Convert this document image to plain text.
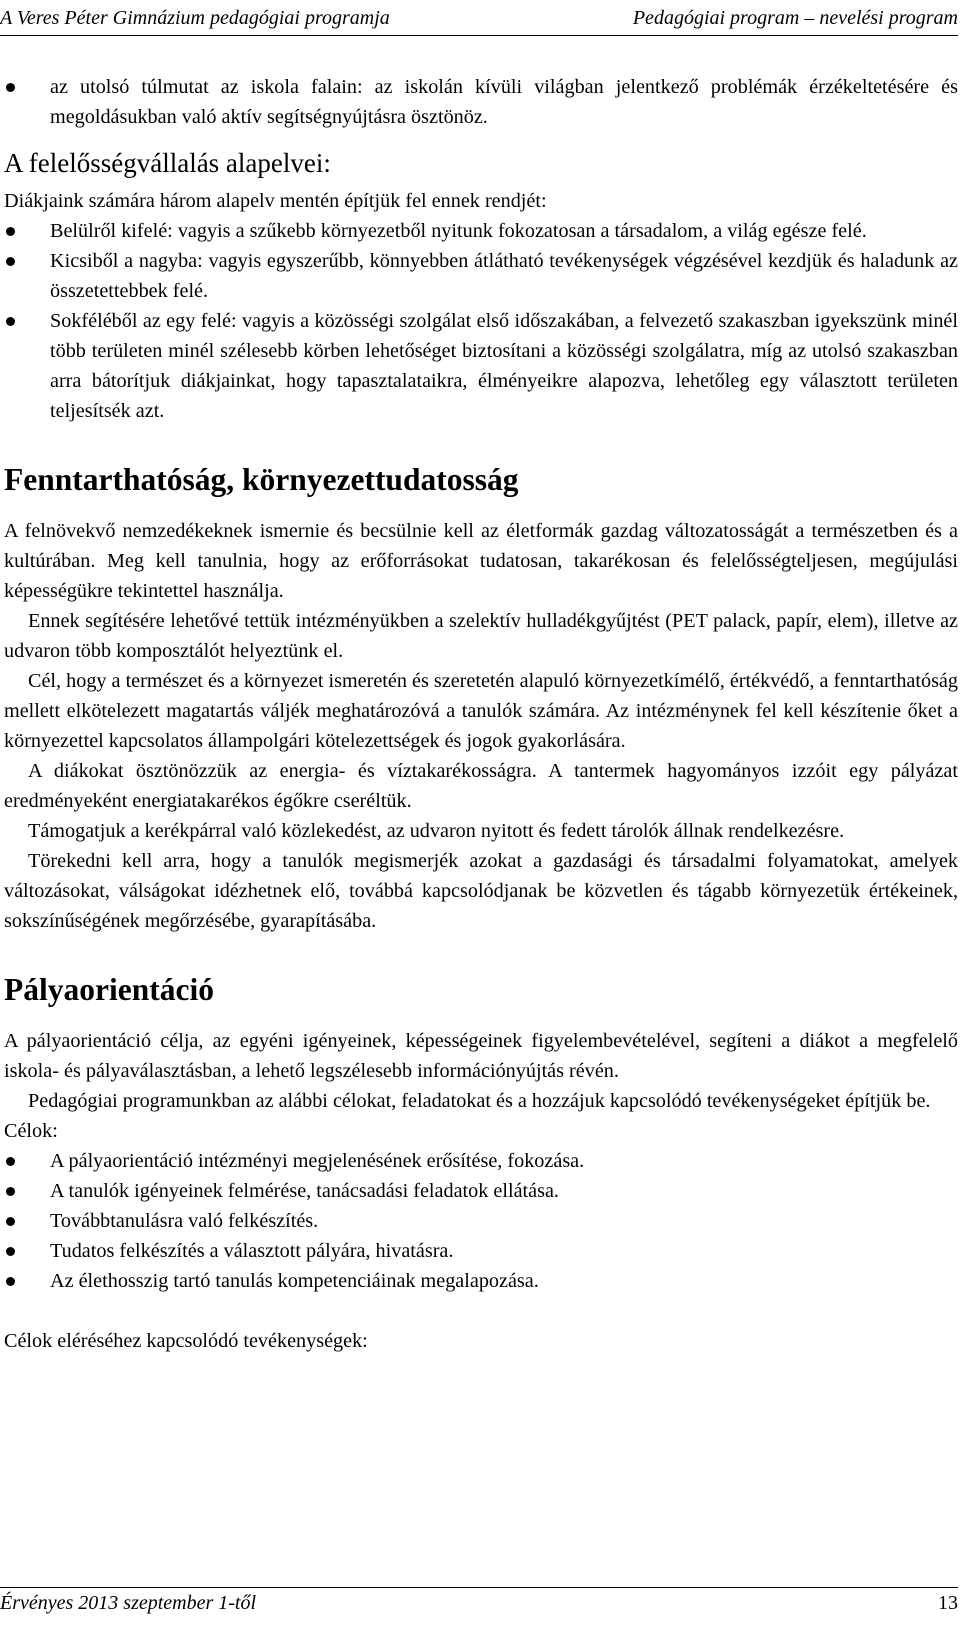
A Veres Péter Gimnázium pedagógiai programja	Pedagógiai program – nevelési program
az utolsó túlmutat az iskola falain: az iskolán kívüli világban jelentkező problémák érzékeltetésére és megoldásukban való aktív segítségnyújtásra ösztönöz.
A felelősségvállalás alapelvei:

Diákjaink számára három alapelv mentén építjük fel ennek rendjét:

Belülről kifelé: vagyis a szűkebb környezetből nyitunk fokozatosan a társadalom, a világ egésze felé.
Kicsiből a nagyba: vagyis egyszerűbb, könnyebben átlátható tevékenységek végzésével kezdjük és haladunk az összetettebbek felé.
Sokféléből az egy felé: vagyis a közösségi szolgálat első időszakában, a felvezető szakaszban igyekszünk minél több területen minél szélesebb körben lehetőséget biztosítani a közösségi szolgálatra, míg az utolsó szakaszban arra bátorítjuk diákjainkat, hogy tapasztalataikra, élményeikre alapozva, lehetőleg egy választott területen teljesítsék azt.
Fenntarthatóság, környezettudatosság

A felnövekvő nemzedékeknek ismernie és becsülnie kell az életformák gazdag változatosságát a természetben és a kultúrában. Meg kell tanulnia, hogy az erőforrásokat tudatosan, takarékosan és felelősségteljesen, megújulási képességükre tekintettel használja.

Ennek segítésére lehetővé tettük intézményükben a szelektív hulladékgyűjtést (PET palack, papír, elem), illetve az udvaron több komposztálót helyeztünk el.

Cél, hogy a természet és a környezet ismeretén és szeretetén alapuló környezetkímélő, értékvédő, a fenntarthatóság mellett elkötelezett magatartás váljék meghatározóvá a tanulók számára. Az intézménynek fel kell készítenie őket a környezettel kapcsolatos állampolgári kötelezettségek és jogok gyakorlására.

A diákokat ösztönözzük az energia- és víztakarékosságra. A tantermek hagyományos izzóit egy pályázat eredményeként energiatakarékos égőkre cseréltük.

Támogatjuk a kerékpárral való közlekedést, az udvaron nyitott és fedett tárolók állnak rendelkezésre.

Törekedni kell arra, hogy a tanulók megismerjék azokat a gazdasági és társadalmi folyamatokat, amelyek változásokat, válságokat idézhetnek elő, továbbá kapcsolódjanak be közvetlen és tágabb környezetük értékeinek, sokszínűségének megőrzésébe, gyarapításába.

Pályaorientáció

A pályaorientáció célja, az egyéni igényeinek, képességeinek figyelembevételével, segíteni a diákot a megfelelő iskola- és pályaválasztásban, a lehető legszélesebb információnyújtás révén.

Pedagógiai programunkban az alábbi célokat, feladatokat és a hozzájuk kapcsolódó tevékenységeket építjük be.

Célok:

A pályaorientáció intézményi megjelenésének erősítése, fokozása.
A tanulók igényeinek felmérése, tanácsadási feladatok ellátása.
Továbbtanulásra való felkészítés.
Tudatos felkészítés a választott pályára, hivatásra.
Az élethosszig tartó tanulás kompetenciáinak megalapozása.

Célok eléréséhez kapcsolódó tevékenységek:

Érvényes 2013 szeptember 1-től	13
